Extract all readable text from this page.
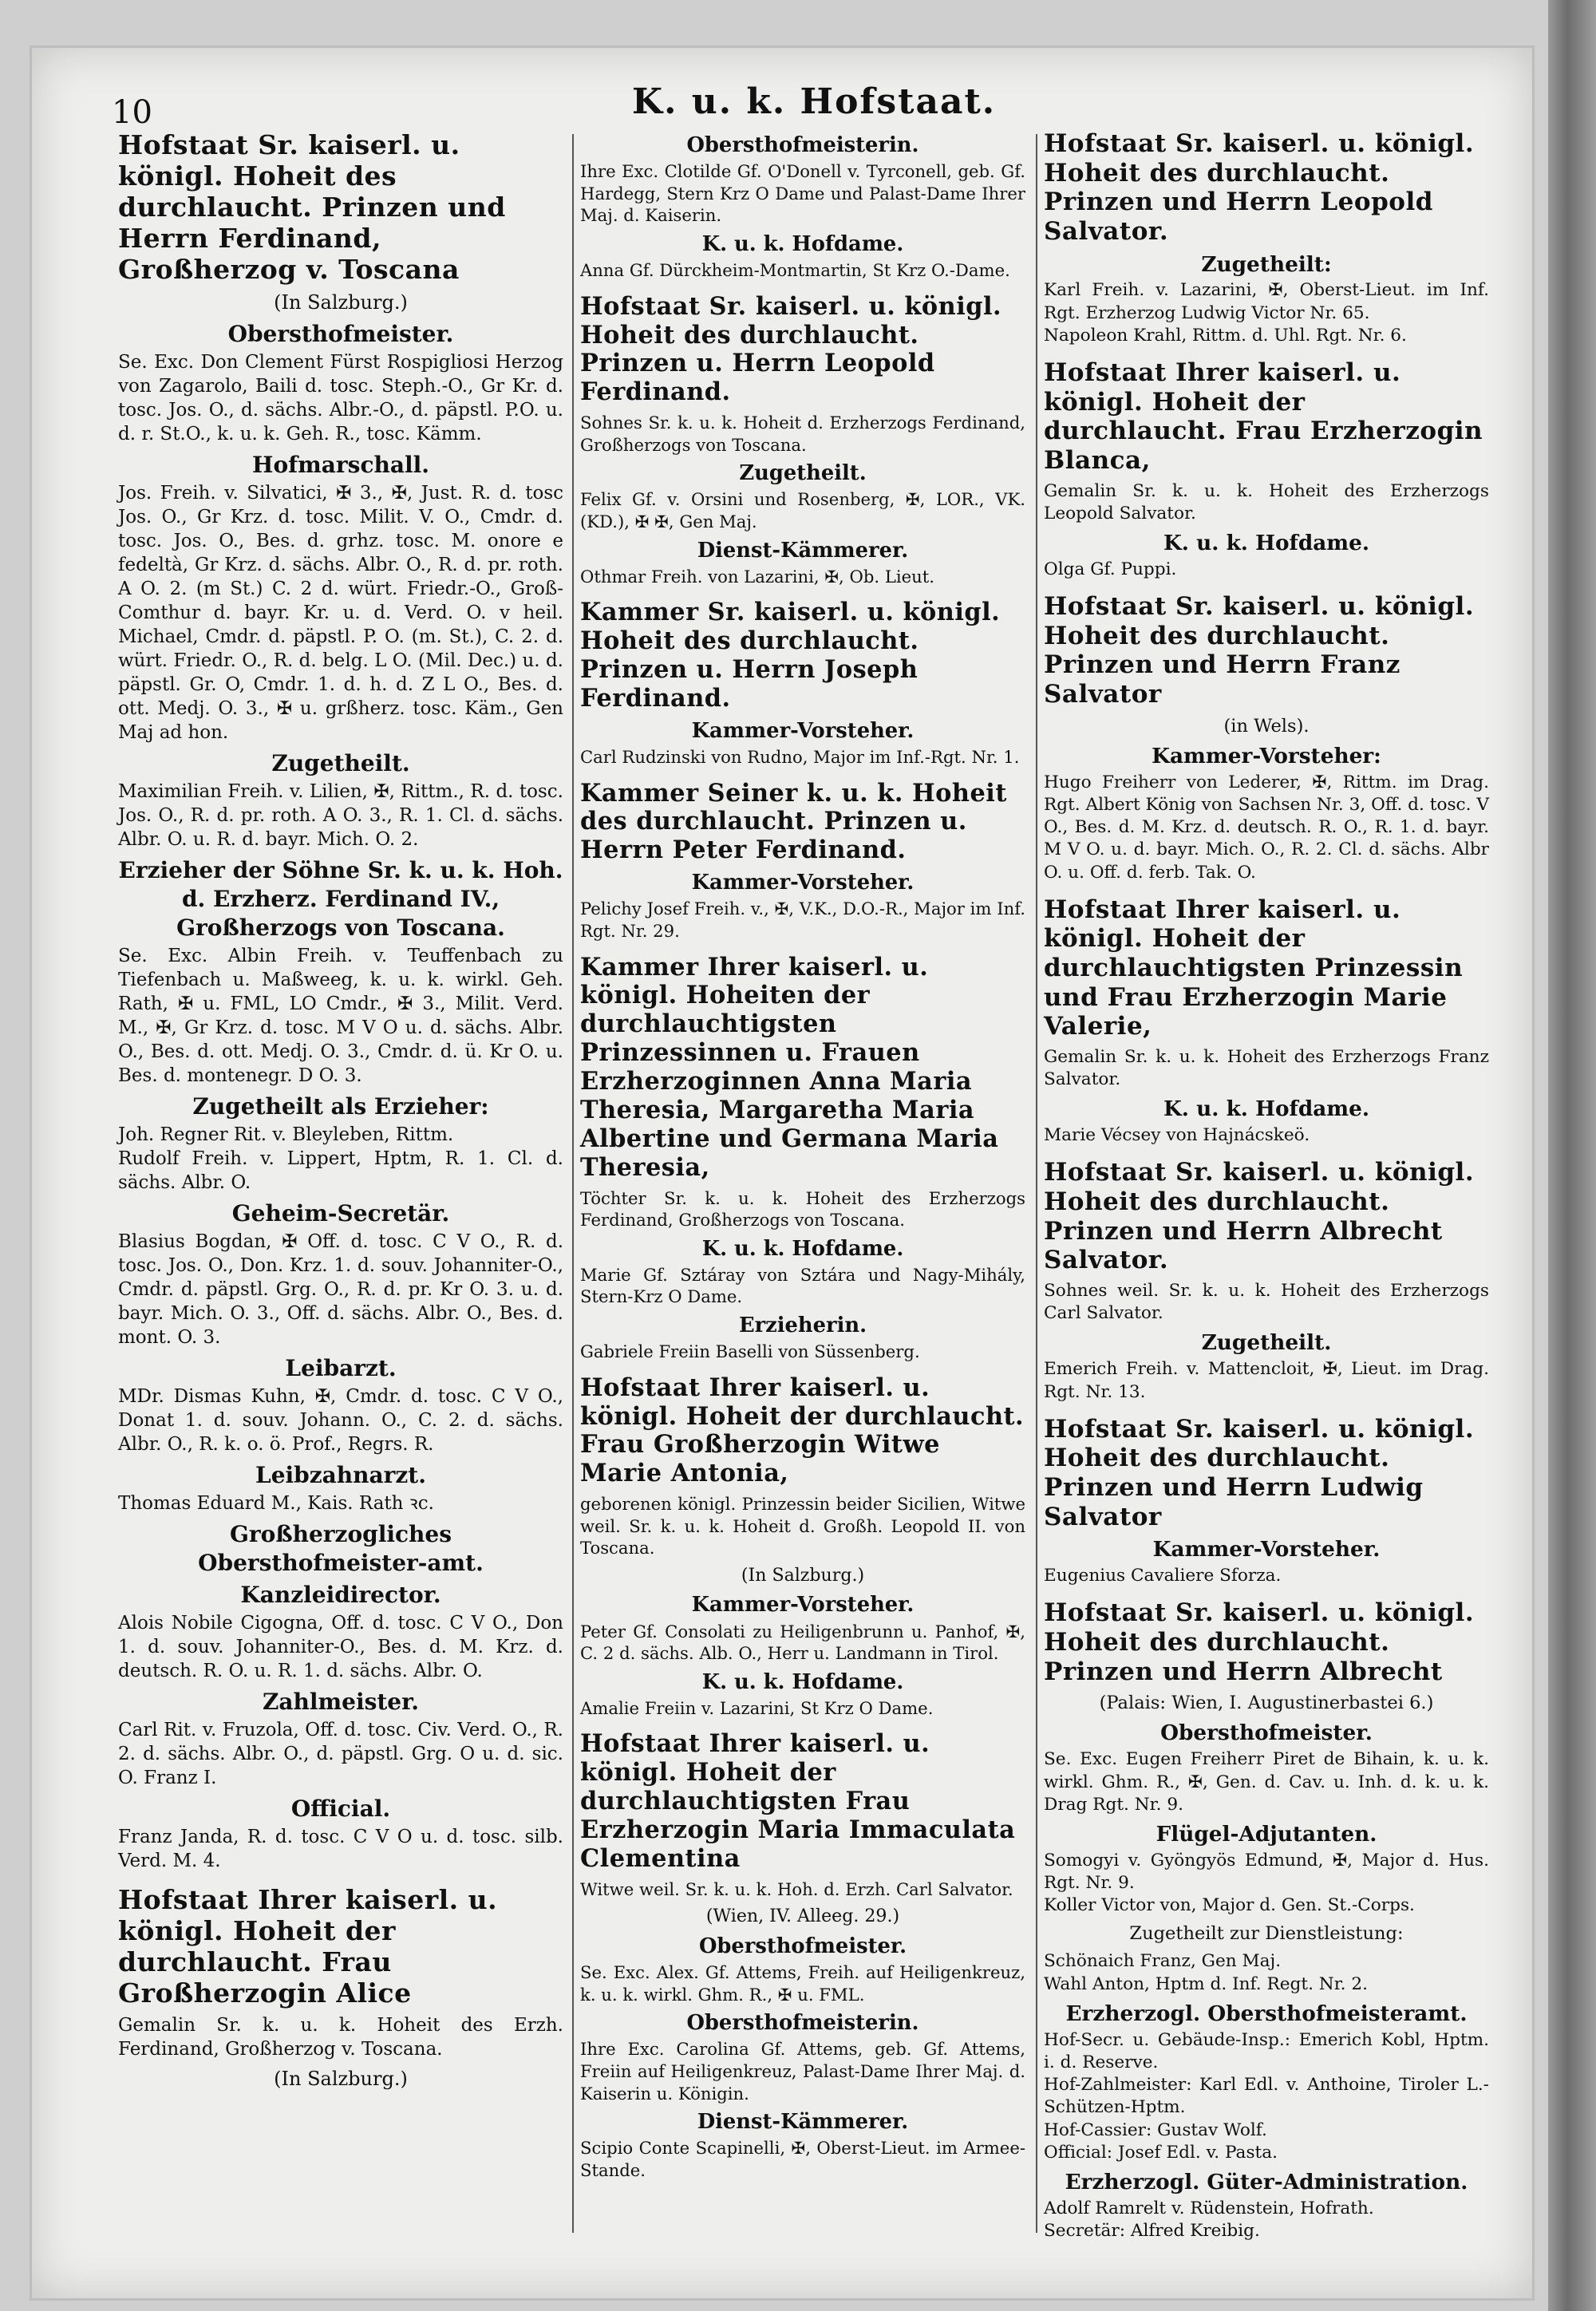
10	K. u. k. Hofstaat.
Hofstaat Sr. kaiserl. u. königl. Hoheit des durchlaucht. Prinzen und Herrn Ferdinand, Großherzog v. Toscana
(In Salzburg.)
Obersthofmeister.
Se. Exc. Don Clement Fürst Rospigliosi Herzog von Zagarolo, Baili d. tosc. Steph.-O., Gr Kr. d. tosc. Jos. O., d. sächs. Albr.-O., d. päpstl. P.O. u. d. r. St.O., k. u. k. Geh. R., tosc. Kämm.
Hofmarschall.
Jos. Freih. v. Silvatici, ✠ 3., ✠, Just. R. d. tosc Jos. O., Gr Krz. d. tosc. Milit. V. O., Cmdr. d. tosc. Jos. O., Bes. d. grhz. tosc. M. onore e fedeltà, Gr Krz. d. sächs. Albr. O., R. d. pr. roth. A O. 2. (m St.) C. 2 d. würt. Friedr.-O., Groß-Comthur d. bayr. Kr. u. d. Verd. O. v heil. Michael, Cmdr. d. päpstl. P. O. (m. St.), C. 2. d. würt. Friedr. O., R. d. belg. L O. (Mil. Dec.) u. d. päpstl. Gr. O, Cmdr. 1. d. h. d. Z L O., Bes. d. ott. Medj. O. 3., ✠ u. grßherz. tosc. Käm., Gen Maj ad hon.
Zugetheilt.
Maximilian Freih. v. Lilien, ✠, Rittm., R. d. tosc. Jos. O., R. d. pr. roth. A O. 3., R. 1. Cl. d. sächs. Albr. O. u. R. d. bayr. Mich. O. 2.
Erzieher der Söhne Sr. k. u. k. Hoh. d. Erzherz. Ferdinand IV., Großherzogs von Toscana.
Se. Exc. Albin Freih. v. Teuffenbach zu Tiefenbach u. Maßweeg, k. u. k. wirkl. Geh. Rath, ✠ u. FML, LO Cmdr., ✠ 3., Milit. Verd. M., ✠, Gr Krz. d. tosc. M V O u. d. sächs. Albr. O., Bes. d. ott. Medj. O. 3., Cmdr. d. ü. Kr O. u. Bes. d. montenegr. D O. 3.
Zugetheilt als Erzieher:
Joh. Regner Rit. v. Bleyleben, Rittm.
Rudolf Freih. v. Lippert, Hptm, R. 1. Cl. d. sächs. Albr. O.
Geheim-Secretär.
Blasius Bogdan, ✠ Off. d. tosc. C V O., R. d. tosc. Jos. O., Don. Krz. 1. d. souv. Johanniter-O., Cmdr. d. päpstl. Grg. O., R. d. pr. Kr O. 3. u. d. bayr. Mich. O. 3., Off. d. sächs. Albr. O., Bes. d. mont. O. 3.
Leibarzt.
MDr. Dismas Kuhn, ✠, Cmdr. d. tosc. C V O., Donat 1. d. souv. Johann. O., C. 2. d. sächs. Albr. O., R. k. o. ö. Prof., Regrs. R.
Leibzahnarzt.
Thomas Eduard M., Kais. Rath ꝛc.
Großherzogliches Obersthofmeister-amt.
Kanzleidirector.
Alois Nobile Cigogna, Off. d. tosc. C V O., Don 1. d. souv. Johanniter-O., Bes. d. M. Krz. d. deutsch. R. O. u. R. 1. d. sächs. Albr. O.
Zahlmeister.
Carl Rit. v. Fruzola, Off. d. tosc. Civ. Verd. O., R. 2. d. sächs. Albr. O., d. päpstl. Grg. O u. d. sic. O. Franz I.
Official.
Franz Janda, R. d. tosc. C V O u. d. tosc. silb. Verd. M. 4.
Hofstaat Ihrer kaiserl. u. königl. Hoheit der durchlaucht. Frau Großherzogin Alice
Gemalin Sr. k. u. k. Hoheit des Erzh. Ferdinand, Großherzog v. Toscana.
(In Salzburg.)
Obersthofmeisterin.
Ihre Exc. Clotilde Gf. O'Donell v. Tyrconell, geb. Gf. Hardegg, Stern Krz O Dame und Palast-Dame Ihrer Maj. d. Kaiserin.
K. u. k. Hofdame.
Anna Gf. Dürckheim-Montmartin, St Krz O.-Dame.
Hofstaat Sr. kaiserl. u. königl. Hoheit des durchlaucht. Prinzen u. Herrn Leopold Ferdinand.
Sohnes Sr. k. u. k. Hoheit d. Erzherzogs Ferdinand, Großherzogs von Toscana.
Zugetheilt.
Felix Gf. v. Orsini und Rosenberg, ✠, LOR., VK. (KD.), ✠ ✠, Gen Maj.
Dienst-Kämmerer.
Othmar Freih. von Lazarini, ✠, Ob. Lieut.
Kammer Sr. kaiserl. u. königl. Hoheit des durchlaucht. Prinzen u. Herrn Joseph Ferdinand.
Kammer-Vorsteher.
Carl Rudzinski von Rudno, Major im Inf.-Rgt. Nr. 1.
Kammer Seiner k. u. k. Hoheit des durchlaucht. Prinzen u. Herrn Peter Ferdinand.
Kammer-Vorsteher.
Pelichy Josef Freih. v., ✠, V.K., D.O.-R., Major im Inf. Rgt. Nr. 29.
Kammer Ihrer kaiserl. u. königl. Hoheiten der durchlauchtigsten Prinzessinnen u. Frauen Erzherzoginnen Anna Maria Theresia, Margaretha Maria Albertine und Germana Maria Theresia,
Töchter Sr. k. u. k. Hoheit des Erzherzogs Ferdinand, Großherzogs von Toscana.
K. u. k. Hofdame.
Marie Gf. Sztáray von Sztára und Nagy-Mihály, Stern-Krz O Dame.
Erzieherin.
Gabriele Freiin Baselli von Süssenberg.
Hofstaat Ihrer kaiserl. u. königl. Hoheit der durchlaucht. Frau Großherzogin Witwe Marie Antonia,
geborenen königl. Prinzessin beider Sicilien, Witwe weil. Sr. k. u. k. Hoheit d. Großh. Leopold II. von Toscana.
(In Salzburg.)
Kammer-Vorsteher.
Peter Gf. Consolati zu Heiligenbrunn u. Panhof, ✠, C. 2 d. sächs. Alb. O., Herr u. Landmann in Tirol.
K. u. k. Hofdame.
Amalie Freiin v. Lazarini, St Krz O Dame.
Hofstaat Ihrer kaiserl. u. königl. Hoheit der durchlauchtigsten Frau Erzherzogin Maria Immaculata Clementina
Witwe weil. Sr. k. u. k. Hoh. d. Erzh. Carl Salvator.
(Wien, IV. Alleeg. 29.)
Obersthofmeister.
Se. Exc. Alex. Gf. Attems, Freih. auf Heiligenkreuz, k. u. k. wirkl. Ghm. R., ✠ u. FML.
Obersthofmeisterin.
Ihre Exc. Carolina Gf. Attems, geb. Gf. Attems, Freiin auf Heiligenkreuz, Palast-Dame Ihrer Maj. d. Kaiserin u. Königin.
Dienst-Kämmerer.
Scipio Conte Scapinelli, ✠, Oberst-Lieut. im Armee-Stande.
Hofstaat Sr. kaiserl. u. königl. Hoheit des durchlaucht. Prinzen und Herrn Leopold Salvator.
Zugetheilt:
Karl Freih. v. Lazarini, ✠, Oberst-Lieut. im Inf. Rgt. Erzherzog Ludwig Victor Nr. 65.
Napoleon Krahl, Rittm. d. Uhl. Rgt. Nr. 6.
Hofstaat Ihrer kaiserl. u. königl. Hoheit der durchlaucht. Frau Erzherzogin Blanca,
Gemalin Sr. k. u. k. Hoheit des Erzherzogs Leopold Salvator.
K. u. k. Hofdame.
Olga Gf. Puppi.
Hofstaat Sr. kaiserl. u. königl. Hoheit des durchlaucht. Prinzen und Herrn Franz Salvator
(in Wels).
Kammer-Vorsteher:
Hugo Freiherr von Lederer, ✠, Rittm. im Drag. Rgt. Albert König von Sachsen Nr. 3, Off. d. tosc. V O., Bes. d. M. Krz. d. deutsch. R. O., R. 1. d. bayr. M V O. u. d. bayr. Mich. O., R. 2. Cl. d. sächs. Albr O. u. Off. d. ferb. Tak. O.
Hofstaat Ihrer kaiserl. u. königl. Hoheit der durchlauchtigsten Prinzessin und Frau Erzherzogin Marie Valerie,
Gemalin Sr. k. u. k. Hoheit des Erzherzogs Franz Salvator.
K. u. k. Hofdame.
Marie Vécsey von Hajnácskeö.
Hofstaat Sr. kaiserl. u. königl. Hoheit des durchlaucht. Prinzen und Herrn Albrecht Salvator.
Sohnes weil. Sr. k. u. k. Hoheit des Erzherzogs Carl Salvator.
Zugetheilt.
Emerich Freih. v. Mattencloit, ✠, Lieut. im Drag. Rgt. Nr. 13.
Hofstaat Sr. kaiserl. u. königl. Hoheit des durchlaucht. Prinzen und Herrn Ludwig Salvator
Kammer-Vorsteher.
Eugenius Cavaliere Sforza.
Hofstaat Sr. kaiserl. u. königl. Hoheit des durchlaucht. Prinzen und Herrn Albrecht
(Palais: Wien, I. Augustinerbastei 6.)
Obersthofmeister.
Se. Exc. Eugen Freiherr Piret de Bihain, k. u. k. wirkl. Ghm. R., ✠, Gen. d. Cav. u. Inh. d. k. u. k. Drag Rgt. Nr. 9.
Flügel-Adjutanten.
Somogyi v. Gyöngyös Edmund, ✠, Major d. Hus. Rgt. Nr. 9.
Koller Victor von, Major d. Gen. St.-Corps.
Zugetheilt zur Dienstleistung:
Schönaich Franz, Gen Maj.
Wahl Anton, Hptm d. Inf. Regt. Nr. 2.
Erzherzogl. Obersthofmeisteramt.
Hof-Secr. u. Gebäude-Insp.: Emerich Kobl, Hptm. i. d. Reserve.
Hof-Zahlmeister: Karl Edl. v. Anthoine, Tiroler L.-Schützen-Hptm.
Hof-Cassier: Gustav Wolf.
Official: Josef Edl. v. Pasta.
Erzherzogl. Güter-Administration.
Adolf Ramrelt v. Rüdenstein, Hofrath.
Secretär: Alfred Kreibig.
